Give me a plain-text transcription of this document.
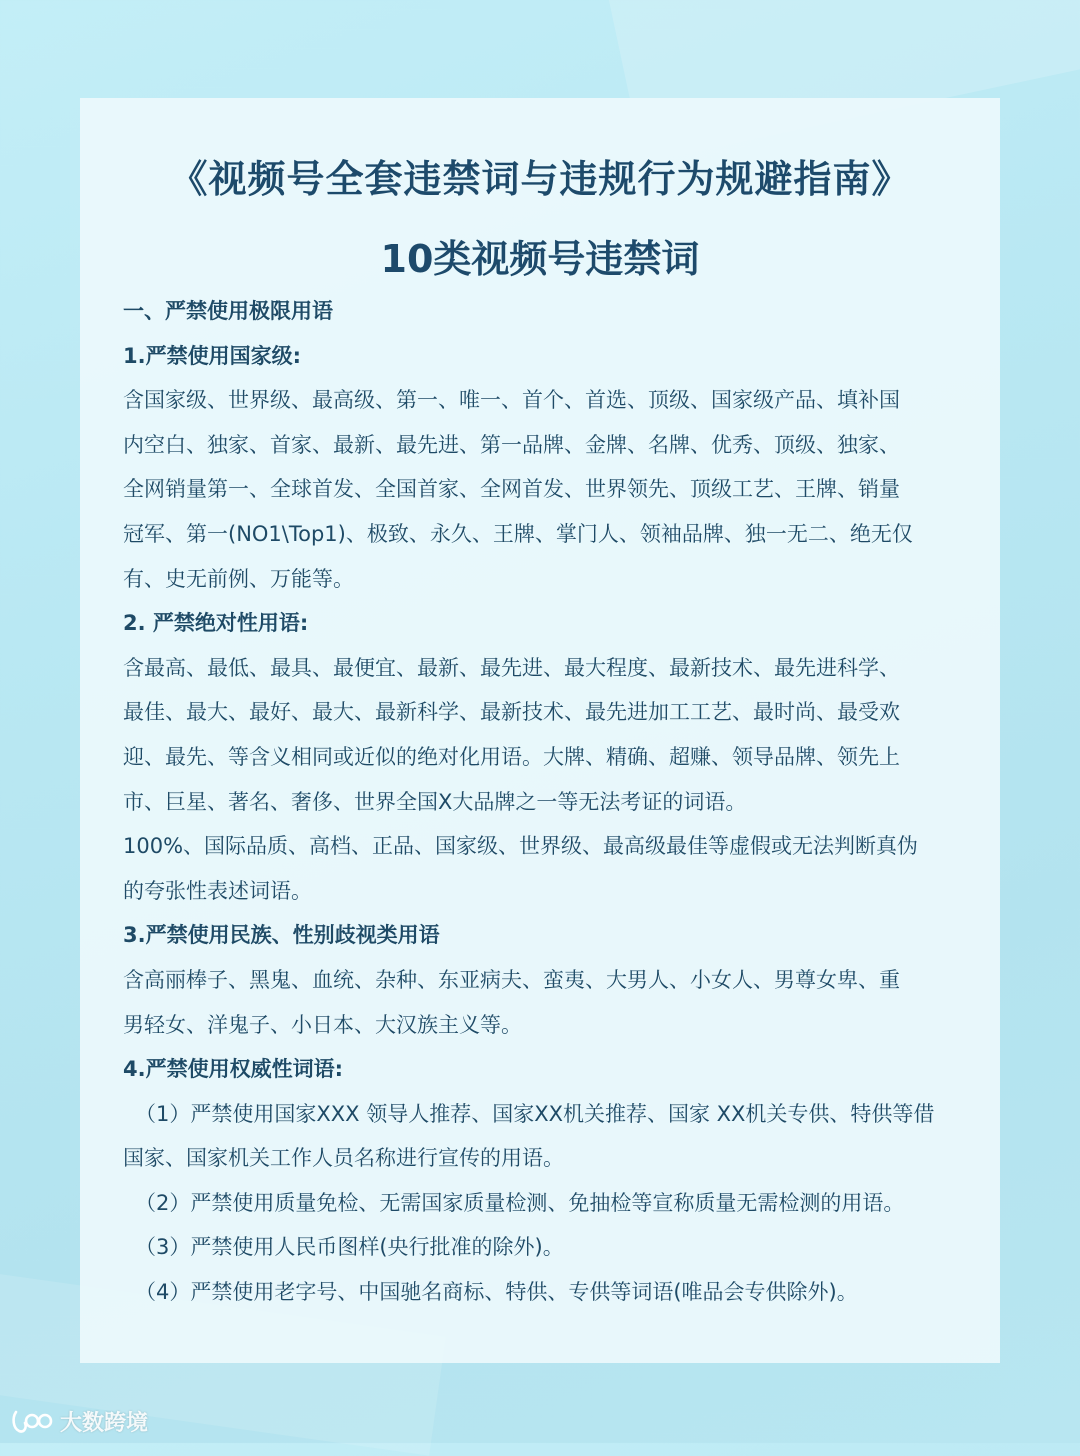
《视频号全套违禁词与违规行为规避指南》
10类视频号违禁词
一、严禁使用极限用语
1.严禁使用国家级:
含国家级、世界级、最高级、第一、唯一、首个、首选、顶级、国家级产品、填补国
内空白、独家、首家、最新、最先进、第一品牌、金牌、名牌、优秀、顶级、独家、
全网销量第一、全球首发、全国首家、全网首发、世界领先、顶级工艺、王牌、销量
冠军、第一(NO1\Top1)、极致、永久、王牌、掌门人、领袖品牌、独一无二、绝无仅
有、史无前例、万能等。
2. 严禁绝对性用语:
含最高、最低、最具、最便宜、最新、最先进、最大程度、最新技术、最先进科学、
最佳、最大、最好、最大、最新科学、最新技术、最先进加工工艺、最时尚、最受欢
迎、最先、等含义相同或近似的绝对化用语。大牌、精确、超赚、领导品牌、领先上
市、巨星、著名、奢侈、世界全国X大品牌之一等无法考证的词语。
100%、国际品质、高档、正品、国家级、世界级、最高级最佳等虚假或无法判断真伪
的夸张性表述词语。
3.严禁使用民族、性别歧视类用语
含高丽棒子、黑鬼、血统、杂种、东亚病夫、蛮夷、大男人、小女人、男尊女卑、重
男轻女、洋鬼子、小日本、大汉族主义等。
4.严禁使用权威性词语:
（1）严禁使用国家XXX 领导人推荐、国家XX机关推荐、国家 XX机关专供、特供等借
国家、国家机关工作人员名称进行宣传的用语。
（2）严禁使用质量免检、无需国家质量检测、免抽检等宣称质量无需检测的用语。
（3）严禁使用人民币图样(央行批准的除外)。
（4）严禁使用老字号、中国驰名商标、特供、专供等词语(唯品会专供除外)。
大数跨境
